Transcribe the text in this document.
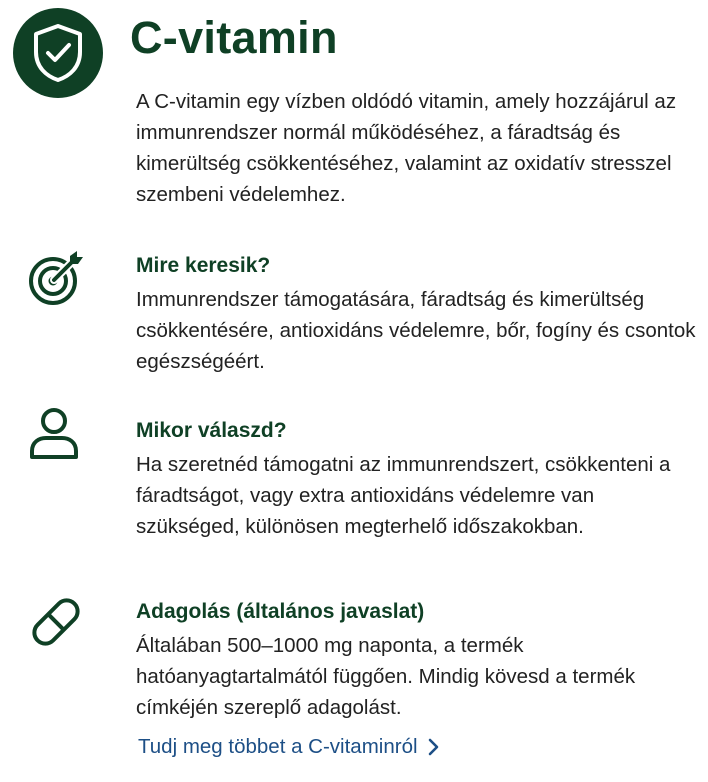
C-vitamin

A C-vitamin egy vízben oldódó vitamin, amely hozzájárul az immunrendszer normál működéséhez, a fáradtság és kimerültség csökkentéséhez, valamint az oxidatív stresszel szembeni védelemhez.

Mire keresik?

Immunrendszer támogatására, fáradtság és kimerültség csökkentésére, antioxidáns védelemre, bőr, fogíny és csontok egészségéért.

Mikor válaszd?

Ha szeretnéd támogatni az immunrendszert, csökkenteni a fáradtságot, vagy extra antioxidáns védelemre van szükséged, különösen megterhelő időszakokban.

Adagolás (általános javaslat)

Általában 500–1000 mg naponta, a termék hatóanyagtartalmától függően. Mindig kövesd a termék címkéjén szereplő adagolást.

Tudj meg többet a C-vitaminról
